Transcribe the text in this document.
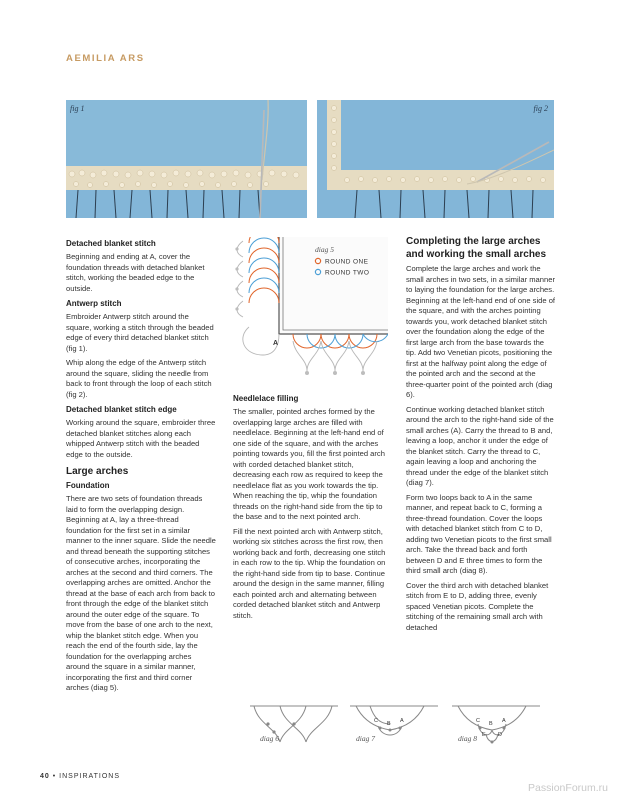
AEMILIA ARS
fig 1	fig 2
Detached blanket stitch

Beginning and ending at A, cover the foundation threads with detached blanket stitch, working the beaded edge to the outside.

Antwerp stitch

Embroider Antwerp stitch around the square, working a stitch through the beaded edge of every third detached blanket stitch (fig 1).

Whip along the edge of the Antwerp stitch around the square, sliding the needle from back to front through the loop of each stitch (fig 2).

Detached blanket stitch edge

Working around the square, embroider three detached blanket stitches along each whipped Antwerp stitch with the beaded edge to the outside.

Large arches
Foundation

There are two sets of foundation threads laid to form the overlapping design. Beginning at A, lay a three-thread foundation for the first set in a similar manner to the inner square. Slide the needle and thread beneath the supporting stitches of consecutive arches, incorporating the arches at the second and third corners. The overlapping arches are omitted. Anchor the thread at the base of each arch from back to front through the edge of the blanket stitch around the outer edge of the square. To move from the base of one arch to the next, whip the blanket stitch edge. When you reach the end of the fourth side, lay the foundation for the overlapping arches around the square in a similar manner, incorporating the first and third corner arches (diag 5).

A
diag 5
ROUND ONE
ROUND TWO
Needlelace filling

The smaller, pointed arches formed by the overlapping large arches are filled with needlelace. Beginning at the left-hand end of one side of the square, and with the arches pointing towards you, fill the first pointed arch with corded detached blanket stitch, decreasing each row as required to keep the needlelace flat as you work towards the tip. When reaching the tip, whip the foundation threads on the right-hand side from the tip to the base and to the next pointed arch.

Fill the next pointed arch with Antwerp stitch, working six stitches across the first row, then working back and forth, decreasing one stitch in each row to the tip. Whip the foundation on the right-hand side from tip to base. Continue around the design in the same manner, filling each pointed arch and alternating between corded detached blanket stitch and Antwerp stitch.

Completing the large arches and working the small arches

Complete the large arches and work the small arches in two sets, in a similar manner to laying the foundation for the large arches. Beginning at the left-hand end of one side of the square, and with the arches pointing towards you, work detached blanket stitch over the foundation along the edge of the first large arch from the base towards the tip. Add two Venetian picots, positioning the first at the halfway point along the edge of the pointed arch and the second at the three-quarter point of the pointed arch (diag 6).

Continue working detached blanket stitch around the arch to the right-hand side of the small arches (A). Carry the thread to B and, leaving a loop, anchor it under the edge of the blanket stitch. Carry the thread to C, again leaving a loop and anchoring the thread under the edge of the blanket stitch (diag 7).

Form two loops back to A in the same manner, and repeat back to C, forming a three-thread foundation. Cover the loops with detached blanket stitch from C to D, adding two Venetian picots to the first small arch. Take the thread back and forth between D and E three times to form the third small arch (diag 8).

Cover the third arch with detached blanket stitch from E to D, adding three, evenly spaced Venetian picots. Complete the stitching of the remaining small arch with detached

diag 6
C B A
diag 7
C B A
E D
diag 8
40 • INSPIRATIONS
PassionForum.ru
